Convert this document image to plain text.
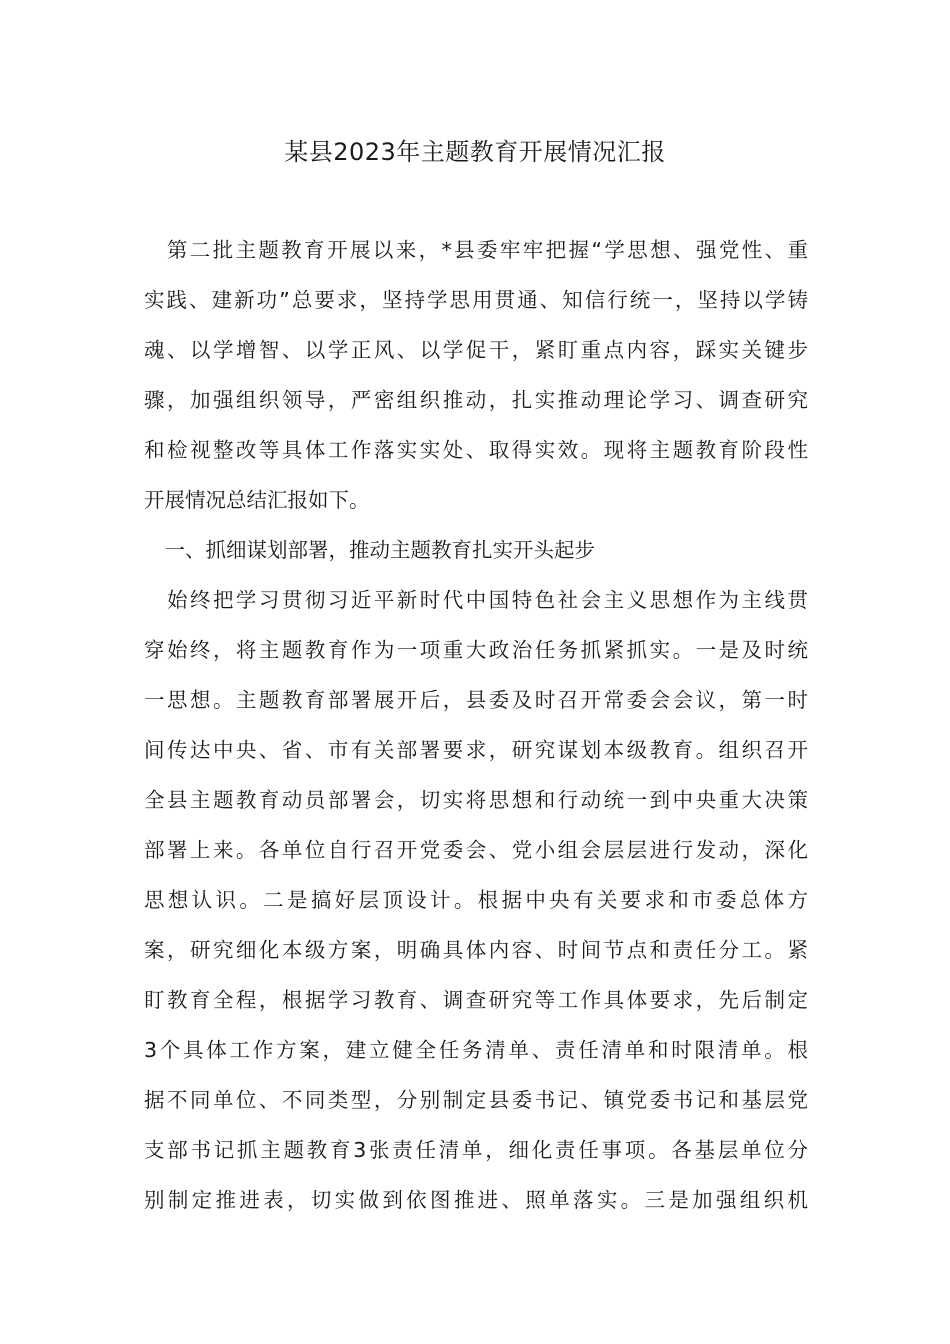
某县2023年主题教育开展情况汇报
　第二批主题教育开展以来，*县委牢牢把握“学思想、强党性、重
实践、建新功”总要求，坚持学思用贯通、知信行统一，坚持以学铸
魂、以学增智、以学正风、以学促干，紧盯重点内容，踩实关键步
骤，加强组织领导，严密组织推动，扎实推动理论学习、调查研究
和检视整改等具体工作落实实处、取得实效。现将主题教育阶段性
开展情况总结汇报如下。
　一、抓细谋划部署，推动主题教育扎实开头起步
　始终把学习贯彻习近平新时代中国特色社会主义思想作为主线贯
穿始终，将主题教育作为一项重大政治任务抓紧抓实。一是及时统
一思想。主题教育部署展开后，县委及时召开常委会会议，第一时
间传达中央、省、市有关部署要求，研究谋划本级教育。组织召开
全县主题教育动员部署会，切实将思想和行动统一到中央重大决策
部署上来。各单位自行召开党委会、党小组会层层进行发动，深化
思想认识。二是搞好层顶设计。根据中央有关要求和市委总体方
案，研究细化本级方案，明确具体内容、时间节点和责任分工。紧
盯教育全程，根据学习教育、调查研究等工作具体要求，先后制定
3个具体工作方案，建立健全任务清单、责任清单和时限清单。根
据不同单位、不同类型，分别制定县委书记、镇党委书记和基层党
支部书记抓主题教育3张责任清单，细化责任事项。各基层单位分
别制定推进表，切实做到依图推进、照单落实。三是加强组织机
